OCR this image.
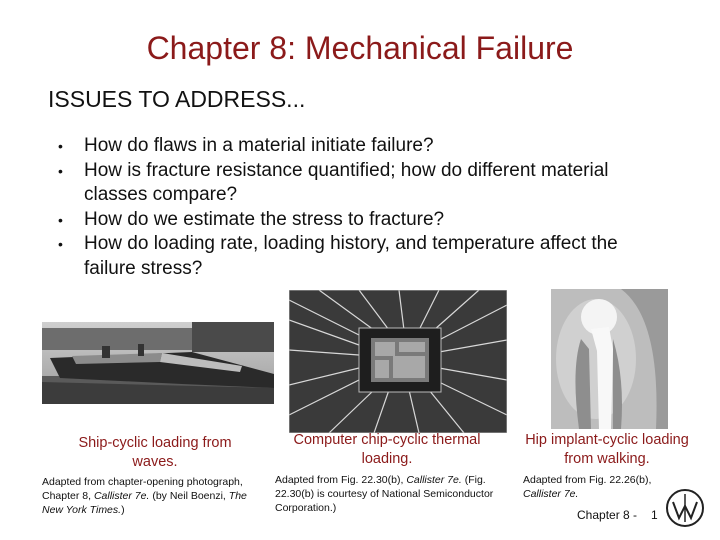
Chapter 8: Mechanical Failure
ISSUES TO ADDRESS...
• How do flaws in a material initiate failure?
• How is fracture resistance quantified; how do different material classes compare?
• How do we estimate the stress to fracture?
• How do loading rate, loading history, and temperature affect the failure stress?
Ship-cyclic loading from waves.
Adapted from chapter-opening photograph, Chapter 8, Callister 7e. (by Neil Boenzi, The New York Times.)
Computer chip-cyclic thermal loading.
Adapted from Fig. 22.30(b), Callister 7e. (Fig. 22.30(b) is courtesy of National Semiconductor Corporation.)
Hip implant-cyclic loading from walking.
Adapted from Fig. 22.26(b), Callister 7e.
Chapter 8 - 1
